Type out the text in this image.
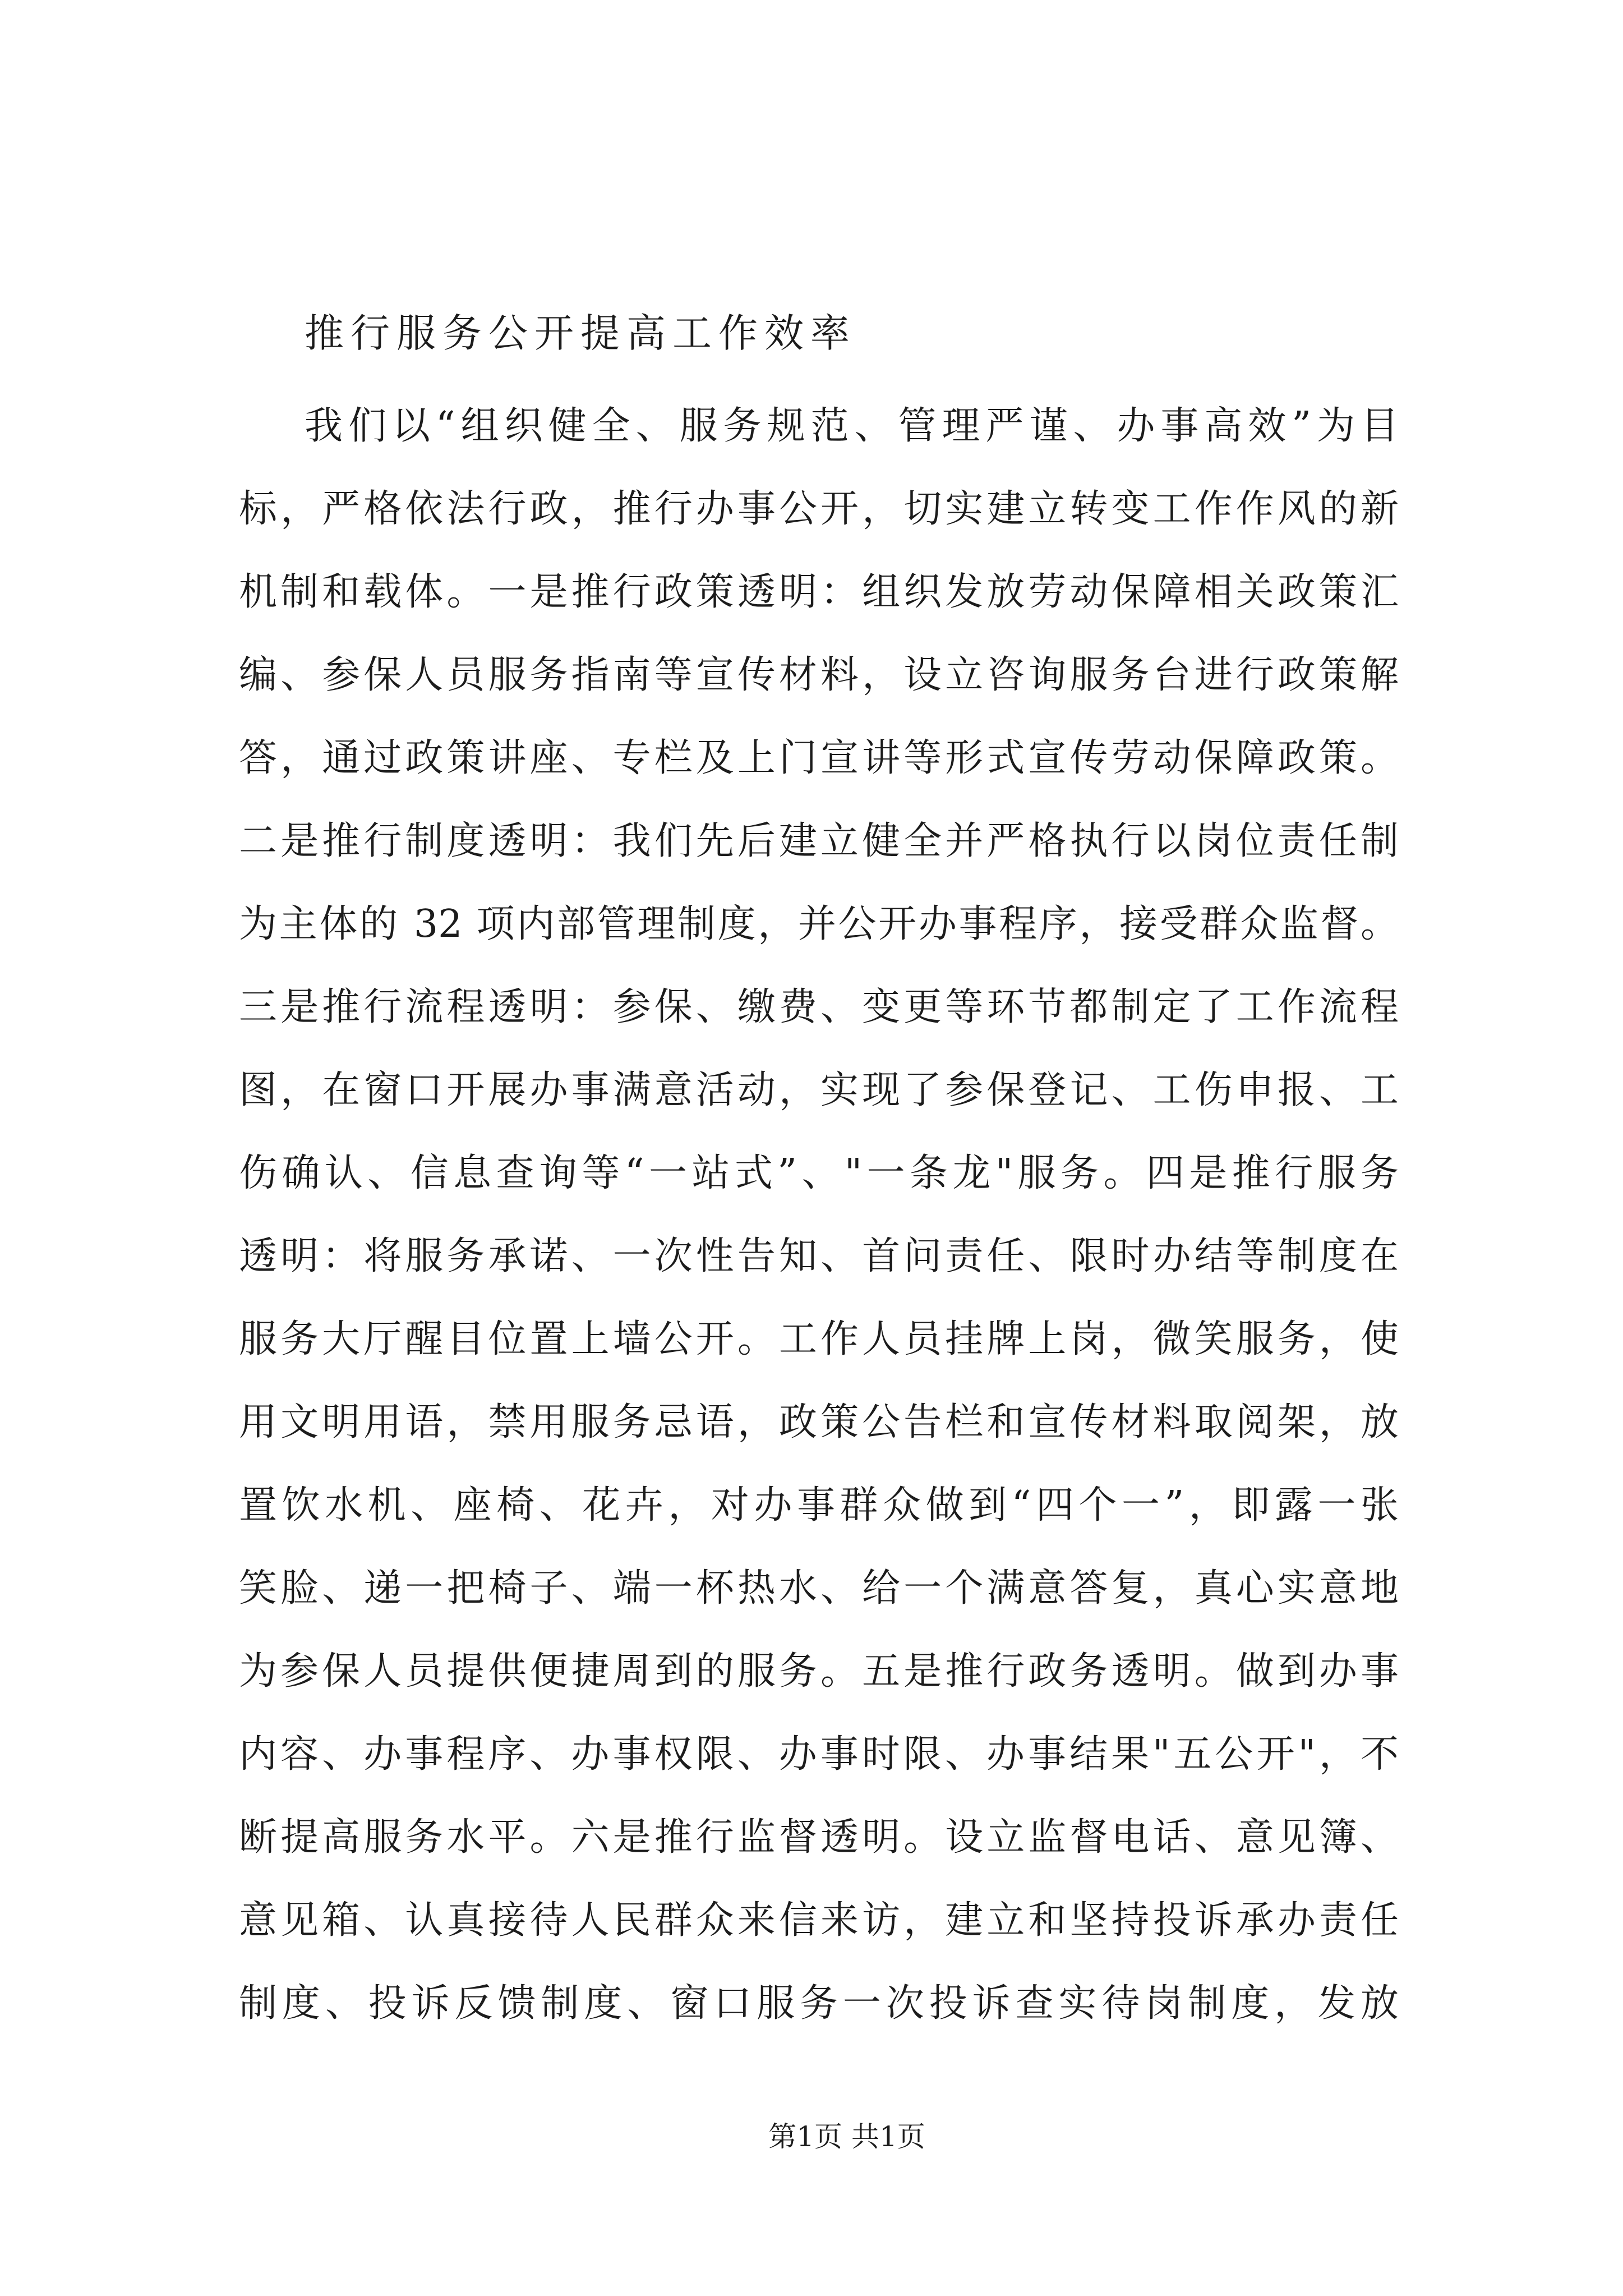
推行服务公开提高工作效率
我们以“组织健全、服务规范、管理严谨、办事高效”为目
标，严格依法行政，推行办事公开，切实建立转变工作作风的新
机制和载体。一是推行政策透明：组织发放劳动保障相关政策汇
编、参保人员服务指南等宣传材料，设立咨询服务台进行政策解
答，通过政策讲座、专栏及上门宣讲等形式宣传劳动保障政策。
二是推行制度透明：我们先后建立健全并严格执行以岗位责任制
为主体的 32 项内部管理制度，并公开办事程序，接受群众监督。
三是推行流程透明：参保、缴费、变更等环节都制定了工作流程
图，在窗口开展办事满意活动，实现了参保登记、工伤申报、工
伤确认、信息查询等“一站式”、"一条龙"服务。四是推行服务
透明：将服务承诺、一次性告知、首问责任、限时办结等制度在
服务大厅醒目位置上墙公开。工作人员挂牌上岗，微笑服务，使
用文明用语，禁用服务忌语，政策公告栏和宣传材料取阅架，放
置饮水机、座椅、花卉，对办事群众做到“四个一”，即露一张
笑脸、递一把椅子、端一杯热水、给一个满意答复，真心实意地
为参保人员提供便捷周到的服务。五是推行政务透明。做到办事
内容、办事程序、办事权限、办事时限、办事结果"五公开"，不
断提高服务水平。六是推行监督透明。设立监督电话、意见簿、
意见箱、认真接待人民群众来信来访，建立和坚持投诉承办责任
制度、投诉反馈制度、窗口服务一次投诉查实待岗制度，发放
第1页 共1页
